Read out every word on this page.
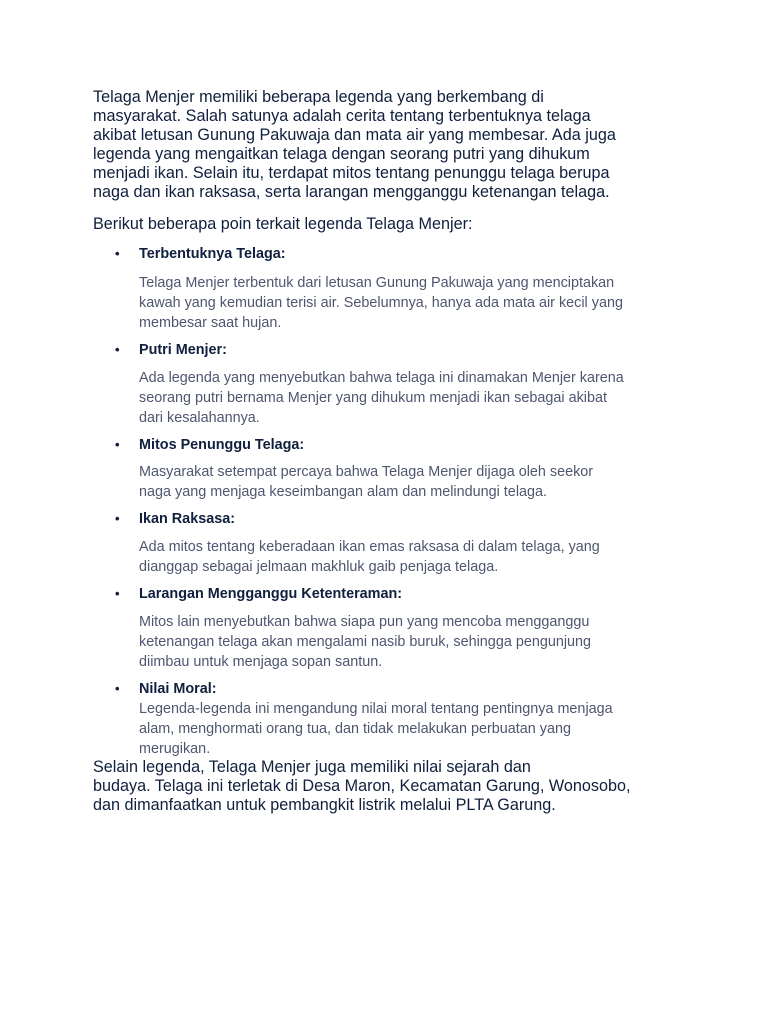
Telaga Menjer memiliki beberapa legenda yang berkembang di
masyarakat. Salah satunya adalah cerita tentang terbentuknya telaga
akibat letusan Gunung Pakuwaja dan mata air yang membesar. Ada juga
legenda yang mengaitkan telaga dengan seorang putri yang dihukum
menjadi ikan. Selain itu, terdapat mitos tentang penunggu telaga berupa
naga dan ikan raksasa, serta larangan mengganggu ketenangan telaga.

Berikut beberapa poin terkait legenda Telaga Menjer:

• Terbentuknya Telaga:

Telaga Menjer terbentuk dari letusan Gunung Pakuwaja yang menciptakan
kawah yang kemudian terisi air. Sebelumnya, hanya ada mata air kecil yang
membesar saat hujan.

• Putri Menjer:

Ada legenda yang menyebutkan bahwa telaga ini dinamakan Menjer karena
seorang putri bernama Menjer yang dihukum menjadi ikan sebagai akibat
dari kesalahannya.

• Mitos Penunggu Telaga:

Masyarakat setempat percaya bahwa Telaga Menjer dijaga oleh seekor
naga yang menjaga keseimbangan alam dan melindungi telaga.

• Ikan Raksasa:

Ada mitos tentang keberadaan ikan emas raksasa di dalam telaga, yang
dianggap sebagai jelmaan makhluk gaib penjaga telaga.

• Larangan Mengganggu Ketenteraman:

Mitos lain menyebutkan bahwa siapa pun yang mencoba mengganggu
ketenangan telaga akan mengalami nasib buruk, sehingga pengunjung
diimbau untuk menjaga sopan santun.

• Nilai Moral:

Legenda-legenda ini mengandung nilai moral tentang pentingnya menjaga
alam, menghormati orang tua, dan tidak melakukan perbuatan yang
merugikan.

Selain legenda, Telaga Menjer juga memiliki nilai sejarah dan
budaya. Telaga ini terletak di Desa Maron, Kecamatan Garung, Wonosobo,
dan dimanfaatkan untuk pembangkit listrik melalui PLTA Garung.
